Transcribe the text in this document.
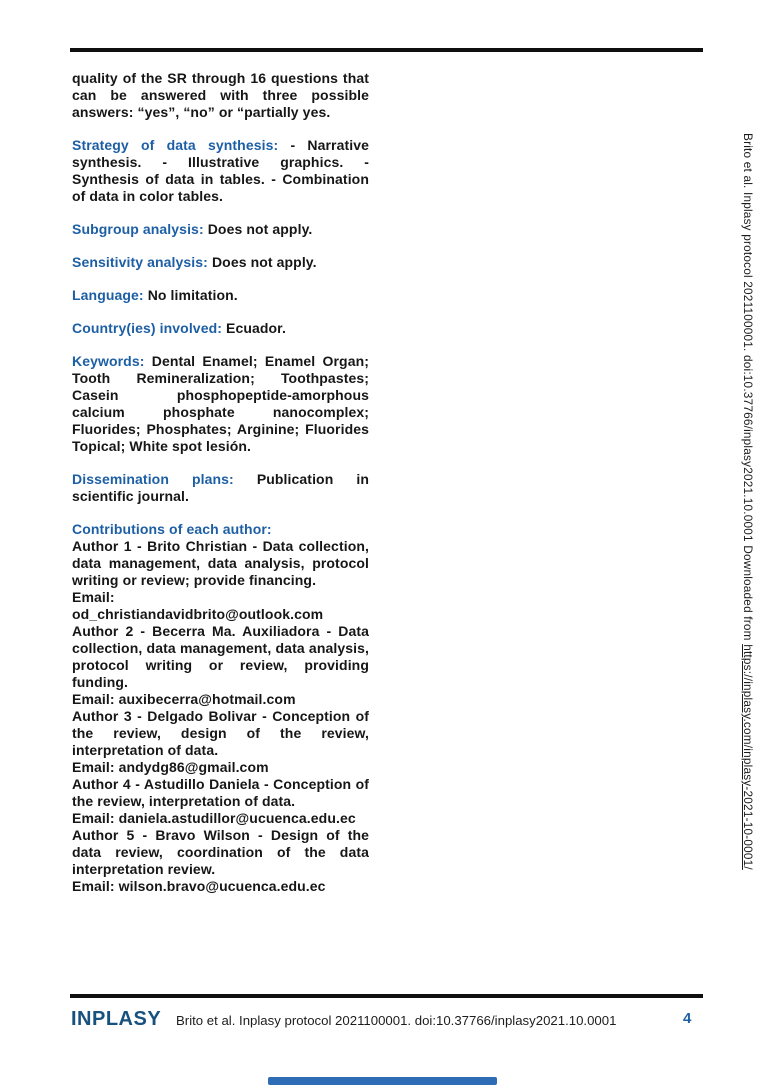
quality of the SR through 16 questions that can be answered with three possible answers: “yes”, “no” or “partially yes.

Strategy of data synthesis: - Narrative synthesis. - Illustrative graphics. - Synthesis of data in tables. - Combination of data in color tables.

Subgroup analysis: Does not apply.

Sensitivity analysis: Does not apply.

Language: No limitation.

Country(ies) involved: Ecuador.

Keywords: Dental Enamel; Enamel Organ; Tooth Remineralization; Toothpastes; Casein phosphopeptide-amorphous calcium phosphate nanocomplex; Fluorides; Phosphates; Arginine; Fluorides Topical; White spot lesión.

Dissemination plans: Publication in scientific journal.

Contributions of each author:
Author 1 - Brito Christian - Data collection, data management, data analysis, protocol writing or review; provide financing.
Email: od_christiandavidbrito@outlook.com
Author 2 - Becerra Ma. Auxiliadora - Data collection, data management, data analysis, protocol writing or review, providing funding.
Email: auxibecerra@hotmail.com
Author 3 - Delgado Bolivar - Conception of the review, design of the review, interpretation of data.
Email: andydg86@gmail.com
Author 4 - Astudillo Daniela - Conception of the review, interpretation of data.
Email: daniela.astudillor@ucuenca.edu.ec
Author 5 - Bravo Wilson - Design of the data review, coordination of the data interpretation review.
Email: wilson.bravo@ucuenca.edu.ec
Brito et al. Inplasy protocol 2021100001. doi:10.37766/inplasy2021.10.0001 Downloaded from https://inplasy.com/inplasy-2021-10-0001/
INPLASY Brito et al. Inplasy protocol 2021100001. doi:10.37766/inplasy2021.10.0001	4
